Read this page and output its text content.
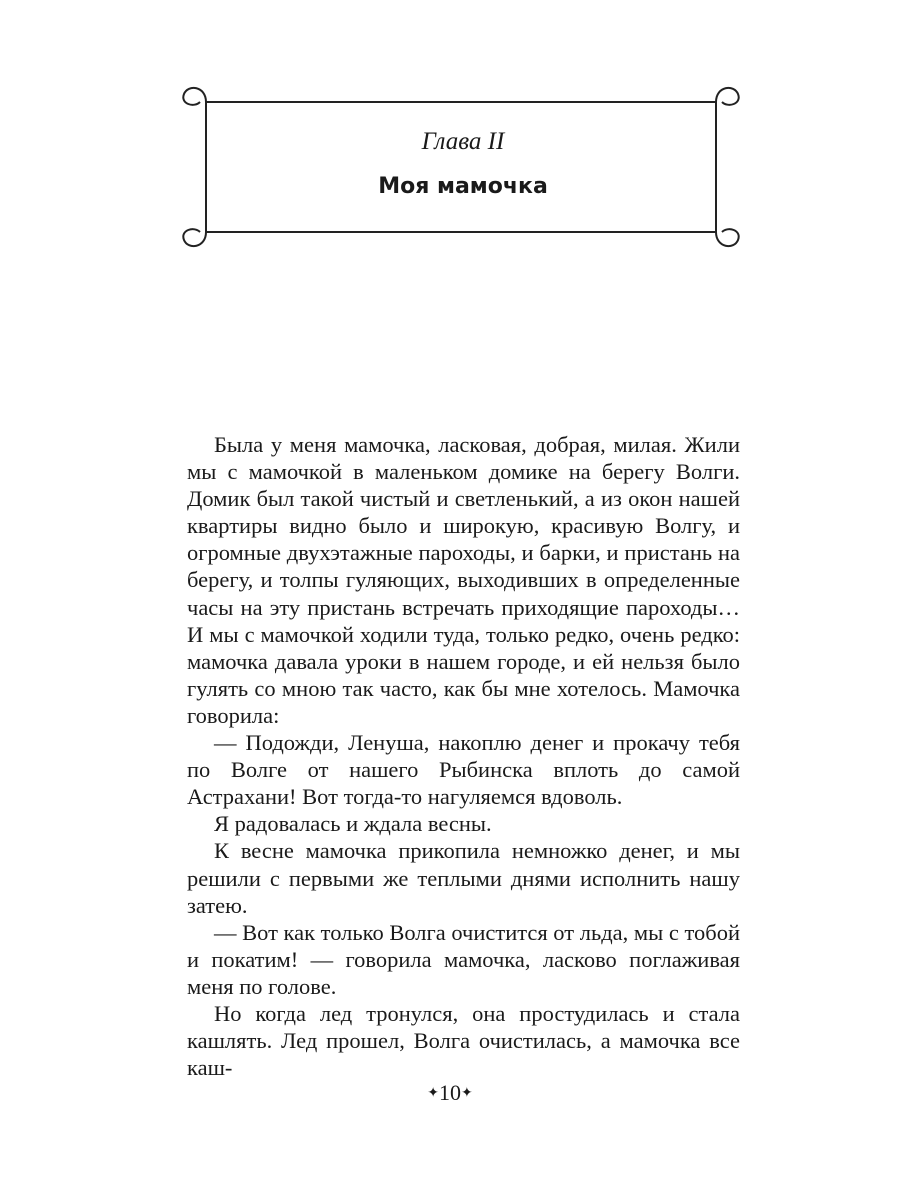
Глава II
Моя мамочка

Была у меня мамочка, ласковая, добрая, милая. Жили мы с мамочкой в маленьком домике на берегу Волги. Домик был такой чистый и светленький, а из окон нашей квартиры видно было и широкую, красивую Волгу, и огромные двухэтажные пароходы, и барки, и пристань на берегу, и толпы гуляющих, выходивших в определенные часы на эту пристань встречать приходящие пароходы… И мы с мамочкой ходили туда, только редко, очень редко: мамочка давала уроки в нашем городе, и ей нельзя было гулять со мною так часто, как бы мне хотелось. Мамочка говорила:

— Подожди, Ленуша, накоплю денег и прокачу тебя по Волге от нашего Рыбинска вплоть до самой Астрахани! Вот тогда-то нагуляемся вдоволь.

Я радовалась и ждала весны.

К весне мамочка прикопила немножко денег, и мы решили с первыми же теплыми днями исполнить нашу затею.

— Вот как только Волга очистится от льда, мы с тобой и покатим! — говорила мамочка, ласково поглаживая меня по голове.

Но когда лед тронулся, она простудилась и стала кашлять. Лед прошел, Волга очистилась, а мамочка все каш-

✦10✦
